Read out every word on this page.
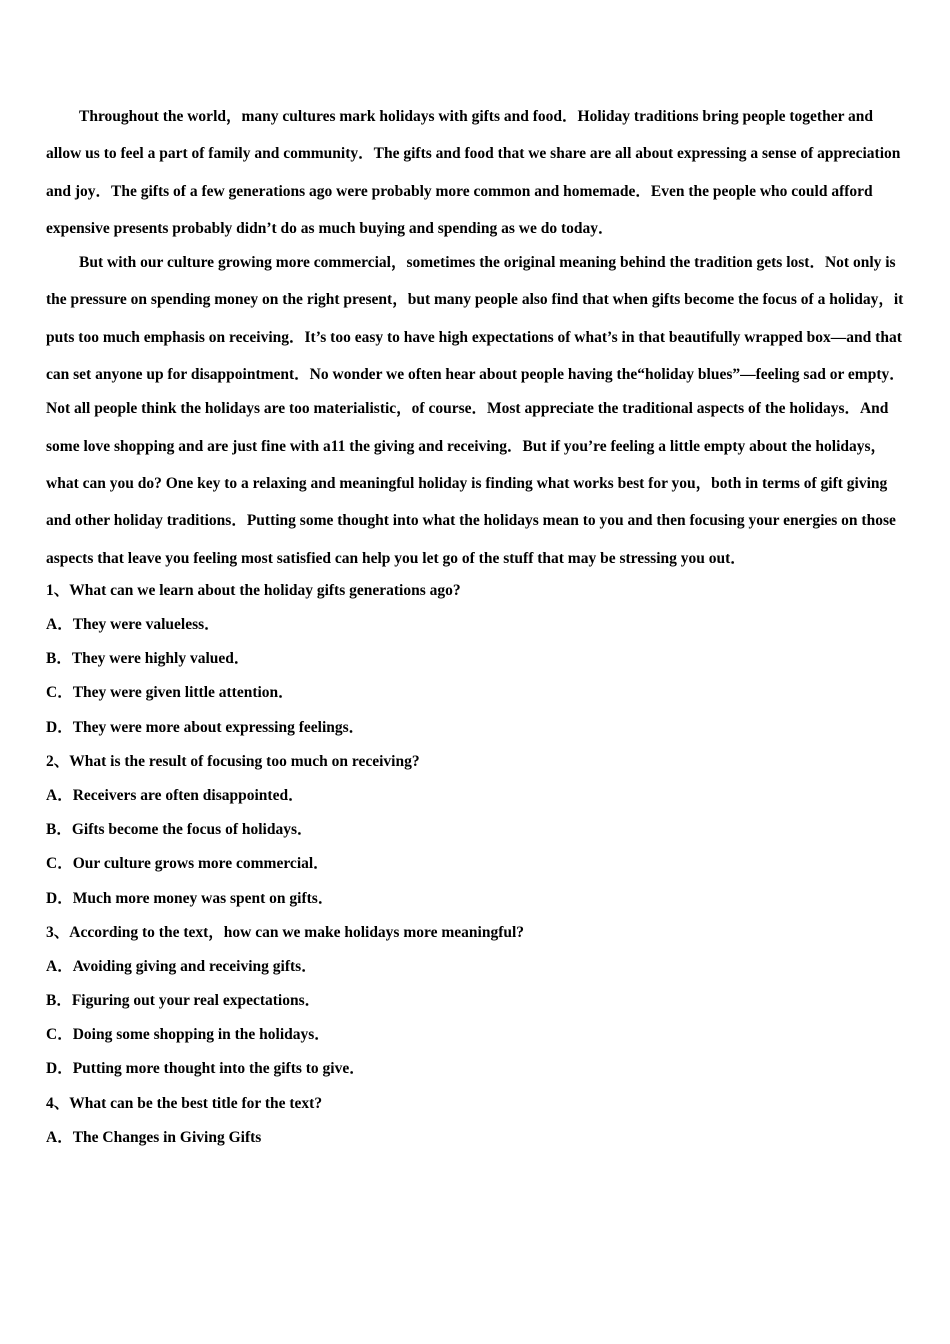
Throughout the world，many cultures mark holidays with gifts and food．Holiday traditions bring people together and allow us to feel a part of family and community．The gifts and food that we share are all about expressing a sense of appreciation and joy．The gifts of a few generations ago were probably more common and homemade．Even the people who could afford expensive presents probably didn’t do as much buying and spending as we do today．

But with our culture growing more commercial，sometimes the original meaning behind the tradition gets lost．Not only is the pressure on spending money on the right present，but many people also find that when gifts become the focus of a holiday，it puts too much emphasis on receiving．It’s too easy to have high expectations of what’s in that beautifully wrapped box—and that can set anyone up for disappointment．No wonder we often hear about people having the“holiday blues”—feeling sad or empty．

Not all people think the holidays are too materialistic，of course．Most appreciate the traditional aspects of the holidays．And some love shopping and are just fine with a11 the giving and receiving．But if you’re feeling a little empty about the holidays，what can you do? One key to a relaxing and meaningful holiday is finding what works best for you，both in terms of gift giving and other holiday traditions．Putting some thought into what the holidays mean to you and then focusing your energies on those aspects that leave you feeling most satisfied can help you let go of the stuff that may be stressing you out．

1、What can we learn about the holiday gifts generations ago?
A．They were valueless．
B．They were highly valued．
C．They were given little attention．
D．They were more about expressing feelings．
2、What is the result of focusing too much on receiving?
A．Receivers are often disappointed．
B．Gifts become the focus of holidays．
C．Our culture grows more commercial．
D．Much more money was spent on gifts．
3、According to the text，how can we make holidays more meaningful?
A．Avoiding giving and receiving gifts．
B．Figuring out your real expectations．
C．Doing some shopping in the holidays．
D．Putting more thought into the gifts to give．
4、What can be the best title for the text?
A．The Changes in Giving Gifts
